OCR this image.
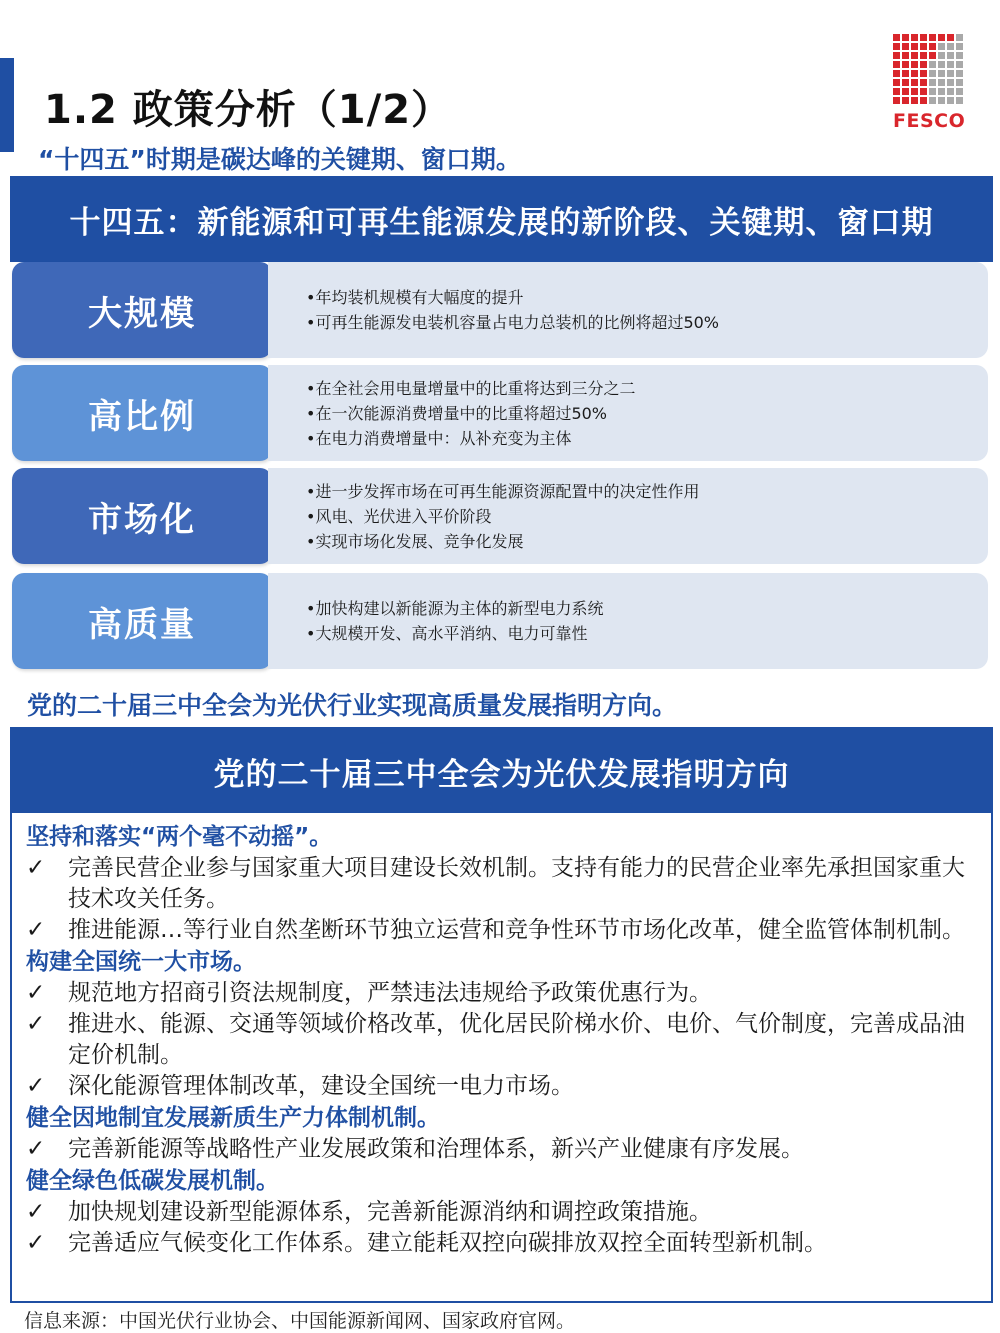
1.2 政策分析（1/2）	FESCO
“十四五”时期是碳达峰的关键期、窗口期。
十四五：新能源和可再生能源发展的新阶段、关键期、窗口期
大规模	•年均装机规模有大幅度的提升
•可再生能源发电装机容量占电力总装机的比例将超过50%
高比例
•在全社会用电量增量中的比重将达到三分之二
•在一次能源消费增量中的比重将超过50%
•在电力消费增量中：从补充变为主体
市场化
•进一步发挥市场在可再生能源资源配置中的决定性作用
•风电、光伏进入平价阶段
•实现市场化发展、竞争化发展
高质量	•加快构建以新能源为主体的新型电力系统
•大规模开发、高水平消纳、电力可靠性
党的二十届三中全会为光伏行业实现高质量发展指明方向。
党的二十届三中全会为光伏发展指明方向
坚持和落实“两个毫不动摇”。
✓ 完善民营企业参与国家重大项目建设长效机制。支持有能力的民营企业率先承担国家重大技术攻关任务。
✓ 推进能源…等行业自然垄断环节独立运营和竞争性环节市场化改革，健全监管体制机制。
构建全国统一大市场。
✓ 规范地方招商引资法规制度，严禁违法违规给予政策优惠行为。
✓ 推进水、能源、交通等领域价格改革，优化居民阶梯水价、电价、气价制度，完善成品油定价机制。
✓ 深化能源管理体制改革，建设全国统一电力市场。
健全因地制宜发展新质生产力体制机制。
✓ 完善新能源等战略性产业发展政策和治理体系，新兴产业健康有序发展。
健全绿色低碳发展机制。
✓ 加快规划建设新型能源体系，完善新能源消纳和调控政策措施。
✓ 完善适应气候变化工作体系。建立能耗双控向碳排放双控全面转型新机制。
信息来源：中国光伏行业协会、中国能源新闻网、国家政府官网。
